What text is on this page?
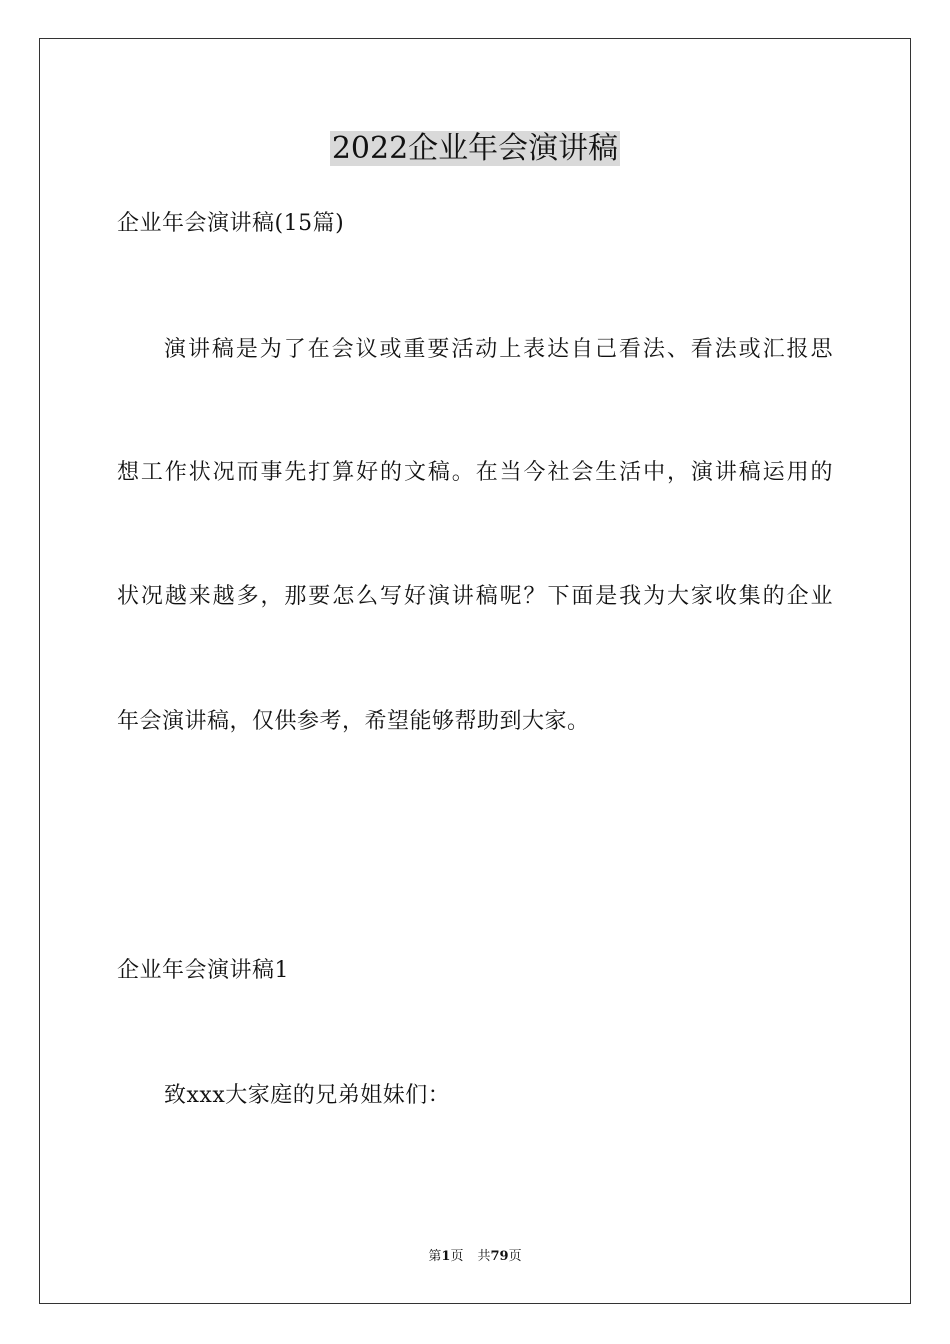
2022企业年会演讲稿
企业年会演讲稿(15篇)
演讲稿是为了在会议或重要活动上表达自己看法、看法或汇报思
想工作状况而事先打算好的文稿。在当今社会生活中，演讲稿运用的
状况越来越多，那要怎么写好演讲稿呢？下面是我为大家收集的企业
年会演讲稿，仅供参考，希望能够帮助到大家。
企业年会演讲稿1
致xxx大家庭的兄弟姐妹们：
第1页 共79页
